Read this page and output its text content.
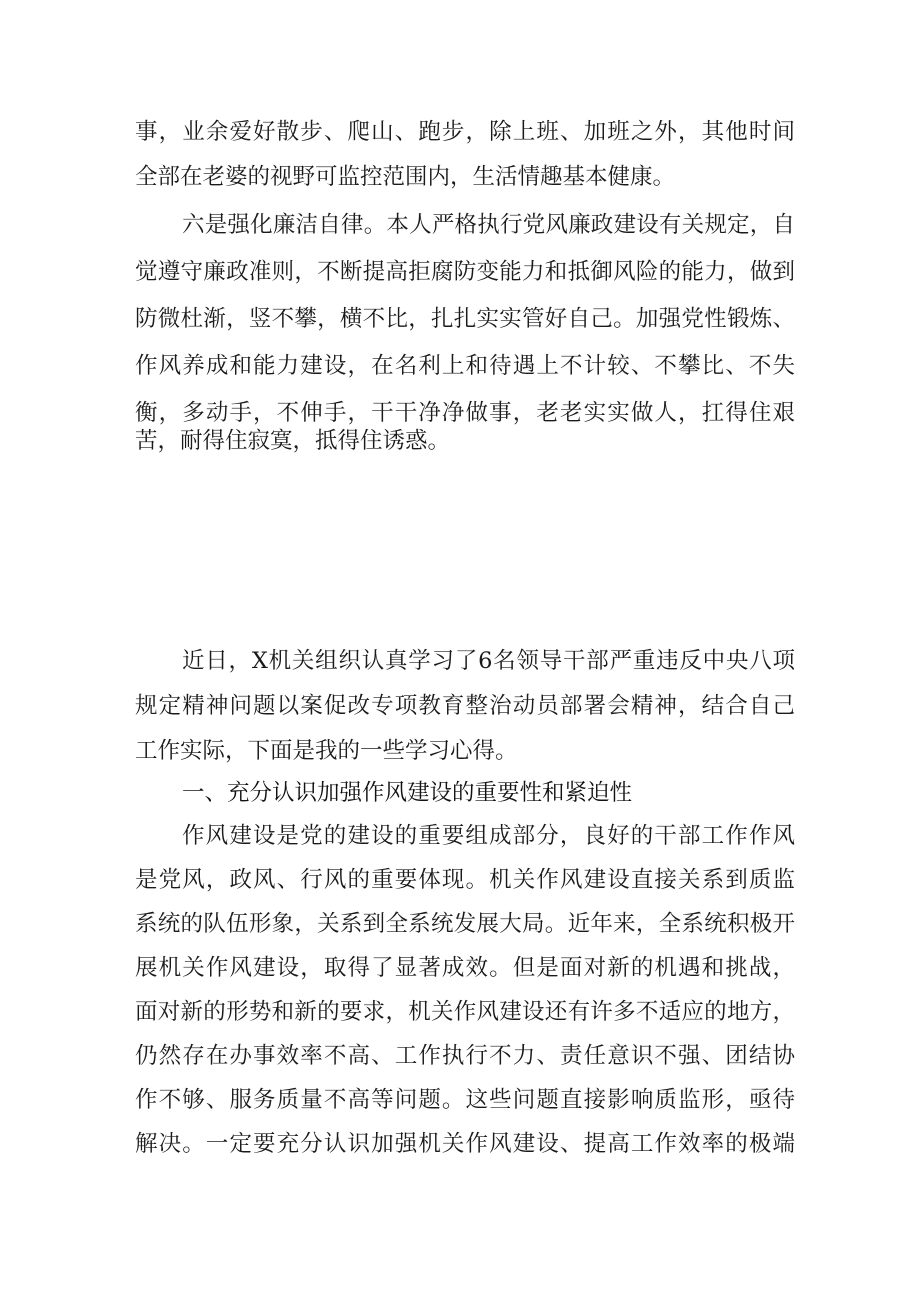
事，业余爱好散步、爬山、跑步，除上班、加班之外，其他时间
全部在老婆的视野可监控范围内，生活情趣基本健康。
六是强化廉洁自律。本人严格执行党风廉政建设有关规定，自
觉遵守廉政准则，不断提高拒腐防变能力和抵御风险的能力，做到
防微杜渐，竖不攀，横不比，扎扎实实管好自己。加强党性锻炼、
作风养成和能力建设，在名利上和待遇上不计较、不攀比、不失
衡，多动手，不伸手，干干净净做事，老老实实做人，扛得住艰
苦，耐得住寂寞，抵得住诱惑。
近日，X机关组织认真学习了6名领导干部严重违反中央八项
规定精神问题以案促改专项教育整治动员部署会精神，结合自己
工作实际，下面是我的一些学习心得。
一、充分认识加强作风建设的重要性和紧迫性
作风建设是党的建设的重要组成部分，良好的干部工作作风
是党风，政风、行风的重要体现。机关作风建设直接关系到质监
系统的队伍形象，关系到全系统发展大局。近年来，全系统积极开
展机关作风建设，取得了显著成效。但是面对新的机遇和挑战，
面对新的形势和新的要求，机关作风建设还有许多不适应的地方，
仍然存在办事效率不高、工作执行不力、责任意识不强、团结协
作不够、服务质量不高等问题。这些问题直接影响质监形，亟待
解决。一定要充分认识加强机关作风建设、提高工作效率的极端
